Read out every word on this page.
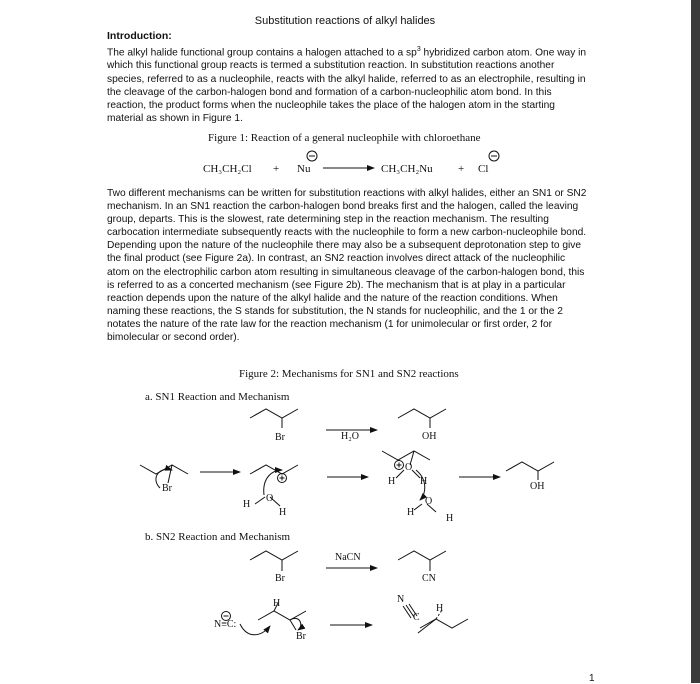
Substitution reactions of alkyl halides
Introduction:
The alkyl halide functional group contains a halogen attached to a $sp^3$ hybridized carbon atom. One way in which this functional group reacts is termed a substitution reaction. In substitution reactions another species, referred to as a nucleophile, reacts with the alkyl halide, referred to as an electrophile, resulting in the cleavage of the carbon-halogen bond and formation of a carbon-nucleophilic atom bond. In this reaction, the product forms when the nucleophile takes the place of the halogen atom in the starting material as shown in Figure 1.
Figure 1: Reaction of a general nucleophile with chloroethane
CH₃CH₂Cl + Nu	CH₃CH₂Nu + Cl
Two different mechanisms can be written for substitution reactions with alkyl halides, either an SN1 or SN2 mechanism. In an SN1 reaction the carbon-halogen bond breaks first and the halogen, called the leaving group, departs. This is the slowest, rate determining step in the reaction mechanism. The resulting carbocation intermediate subsequently reacts with the nucleophile to form a new carbon-nucleophile bond. Depending upon the nature of the nucleophile there may also be a subsequent deprotonation step to give the final product (see Figure 2a). In contrast, an SN2 reaction involves direct attack of the nucleophilic atom on the electrophilic carbon atom resulting in simultaneous cleavage of the carbon-halogen bond, this is referred to as a concerted mechanism (see Figure 2b). The mechanism that is at play in a particular reaction depends upon the nature of the alkyl halide and the nature of the reaction conditions. When naming these reactions, the S stands for substitution, the N stands for nucleophilic, and the 1 or the 2 notates the nature of the rate law for the reaction mechanism (1 for unimolecular or first order, 2 for bimolecular or second order).
Figure 2: Mechanisms for SN1 and SN2 reactions
a. SN1 Reaction and Mechanism
b. SN2 Reaction and Mechanism
Br	H₂O	OH
Br
O
H
H
O
H H
O
H
H
OH
Br
NaCN
CN
N≡C:
H
Br
N
C
H
1
